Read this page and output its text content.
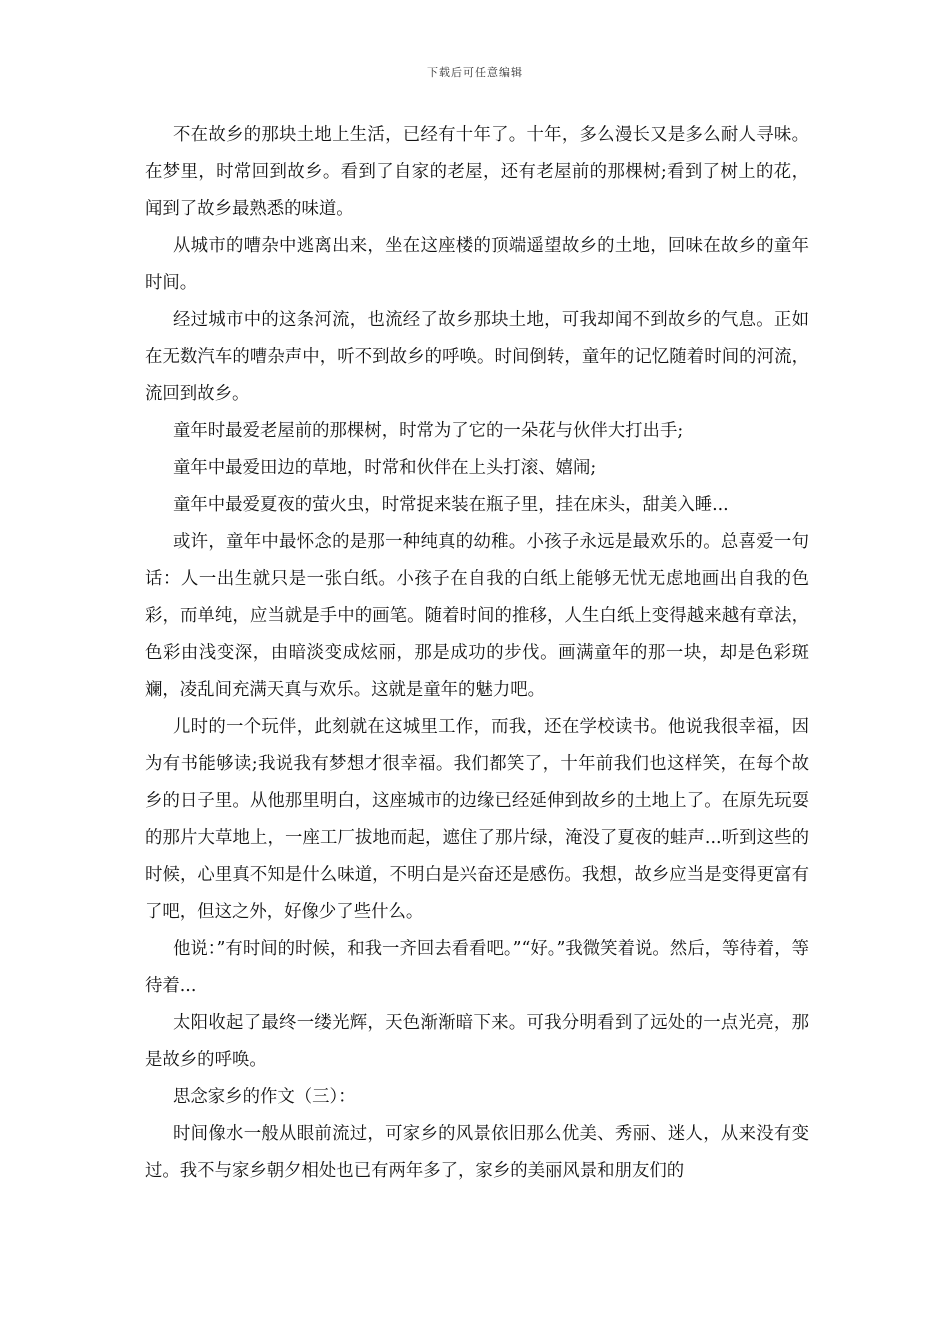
下载后可任意编辑

不在故乡的那块土地上生活，已经有十年了。十年，多么漫长又是多么耐人寻味。在梦里，时常回到故乡。看到了自家的老屋，还有老屋前的那棵树;看到了树上的花，闻到了故乡最熟悉的味道。

从城市的嘈杂中逃离出来，坐在这座楼的顶端遥望故乡的土地，回味在故乡的童年时间。

经过城市中的这条河流，也流经了故乡那块土地，可我却闻不到故乡的气息。正如在无数汽车的嘈杂声中，听不到故乡的呼唤。时间倒转，童年的记忆随着时间的河流，流回到故乡。

童年时最爱老屋前的那棵树，时常为了它的一朵花与伙伴大打出手;

童年中最爱田边的草地，时常和伙伴在上头打滚、嬉闹;

童年中最爱夏夜的萤火虫，时常捉来装在瓶子里，挂在床头，甜美入睡...

或许，童年中最怀念的是那一种纯真的幼稚。小孩子永远是最欢乐的。总喜爱一句话：人一出生就只是一张白纸。小孩子在自我的白纸上能够无忧无虑地画出自我的色彩，而单纯，应当就是手中的画笔。随着时间的推移，人生白纸上变得越来越有章法，色彩由浅变深，由暗淡变成炫丽，那是成功的步伐。画满童年的那一块，却是色彩斑斓，凌乱间充满天真与欢乐。这就是童年的魅力吧。

儿时的一个玩伴，此刻就在这城里工作，而我，还在学校读书。他说我很幸福，因为有书能够读;我说我有梦想才很幸福。我们都笑了，十年前我们也这样笑，在每个故乡的日子里。从他那里明白，这座城市的边缘已经延伸到故乡的土地上了。在原先玩耍的那片大草地上，一座工厂拔地而起，遮住了那片绿，淹没了夏夜的蛙声...听到这些的时候，心里真不知是什么味道，不明白是兴奋还是感伤。我想，故乡应当是变得更富有了吧，但这之外，好像少了些什么。

他说：”有时间的时候，和我一齐回去看看吧。”“好。”我微笑着说。然后，等待着，等待着...

太阳收起了最终一缕光辉，天色渐渐暗下来。可我分明看到了远处的一点光亮，那是故乡的呼唤。

思念家乡的作文（三）：

时间像水一般从眼前流过，可家乡的风景依旧那么优美、秀丽、迷人，从来没有变过。我不与家乡朝夕相处也已有两年多了，家乡的美丽风景和朋友们的
